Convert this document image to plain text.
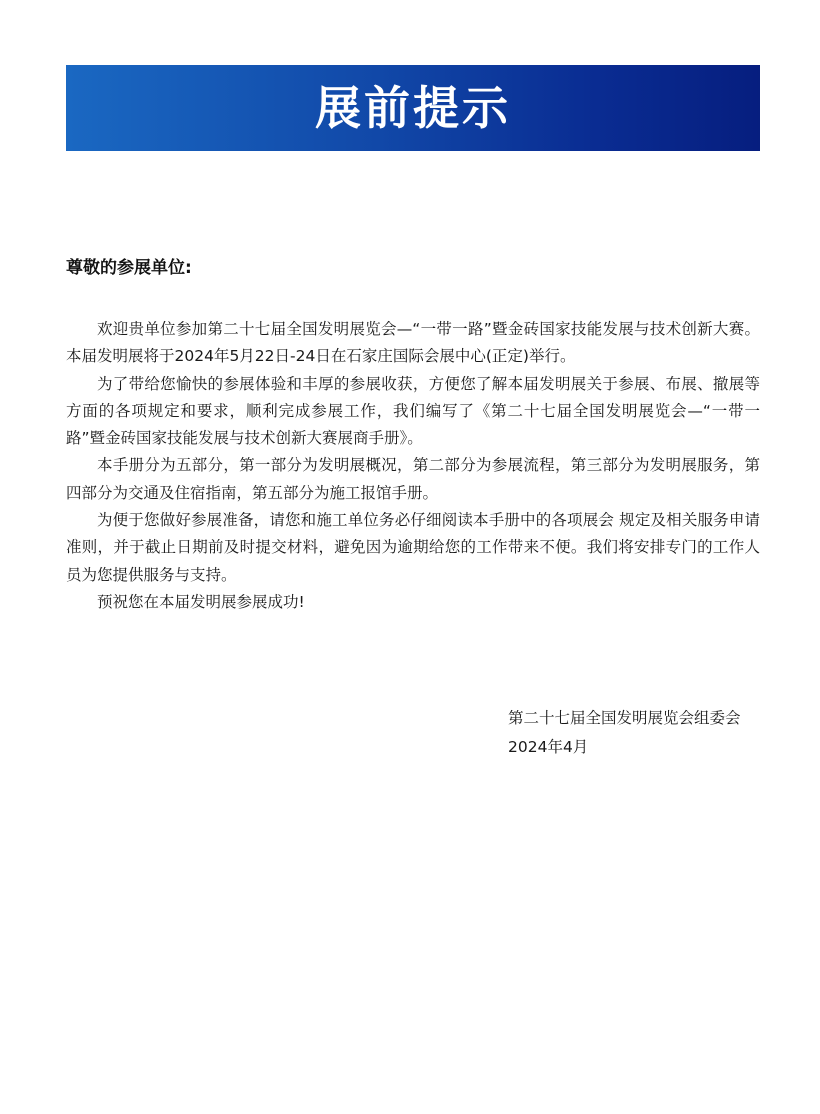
展前提示
尊敬的参展单位:

欢迎贵单位参加第二十七届全国发明展览会—“一带一路”暨金砖国家技能发展与技术创新大赛。本届发明展将于2024年5月22日-24日在石家庄国际会展中心(正定)举行。

为了带给您愉快的参展体验和丰厚的参展收获，方便您了解本届发明展关于参展、布展、撤展等方面的各项规定和要求，顺利完成参展工作，我们编写了《第二十七届全国发明展览会—“一带一路”暨金砖国家技能发展与技术创新大赛展商手册》。

本手册分为五部分，第一部分为发明展概况，第二部分为参展流程，第三部分为发明展服务，第四部分为交通及住宿指南，第五部分为施工报馆手册。

为便于您做好参展准备，请您和施工单位务必仔细阅读本手册中的各项展会 规定及相关服务申请准则，并于截止日期前及时提交材料，避免因为逾期给您的工作带来不便。我们将安排专门的工作人员为您提供服务与支持。

预祝您在本届发明展参展成功!

第二十七届全国发明展览会组委会
2024年4月
